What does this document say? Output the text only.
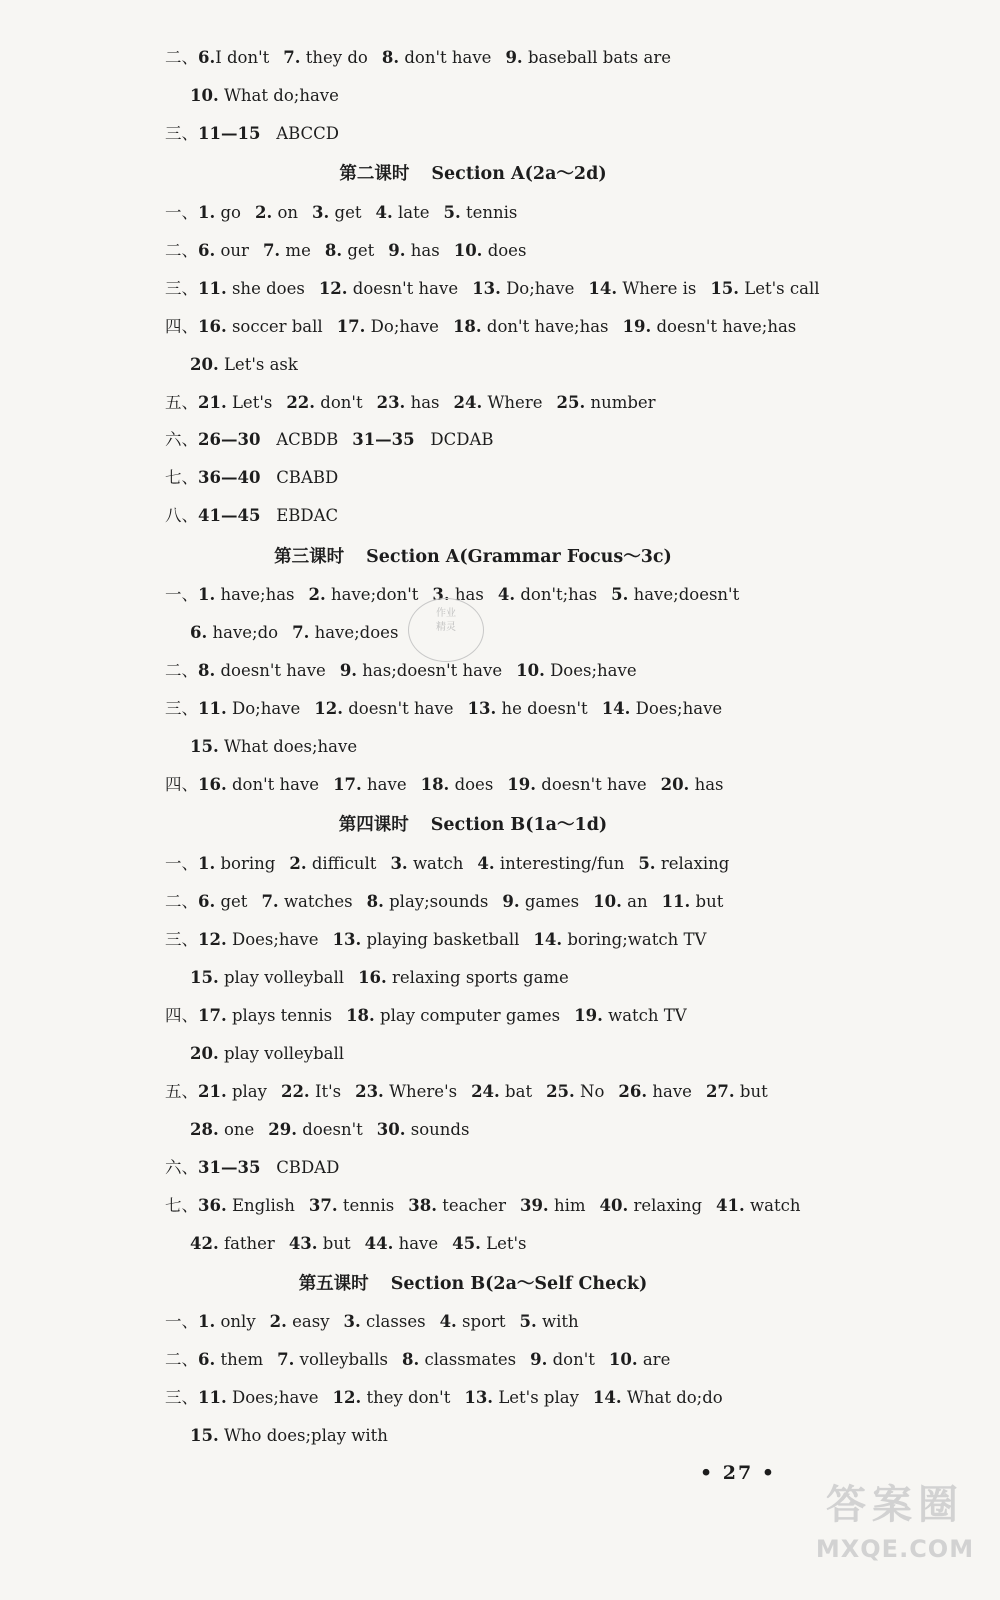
二、6.I don't 7. they do 8. don't have 9. baseball bats are
10. What do;have
三、11—15 ABCCD
第二课时 Section A(2a～2d)
一、1. go 2. on 3. get 4. late 5. tennis
二、6. our 7. me 8. get 9. has 10. does
三、11. she does 12. doesn't have 13. Do;have 14. Where is 15. Let's call
四、16. soccer ball 17. Do;have 18. don't have;has 19. doesn't have;has
20. Let's ask
五、21. Let's 22. don't 23. has 24. Where 25. number
六、26—30 ACBDB 31—35 DCDAB
七、36—40 CBABD
八、41—45 EBDAC
第三课时 Section A(Grammar Focus～3c)
一、1. have;has 2. have;don't 3. has 4. don't;has 5. have;doesn't
6. have;do 7. have;does
二、8. doesn't have 9. has;doesn't have 10. Does;have
三、11. Do;have 12. doesn't have 13. he doesn't 14. Does;have
15. What does;have
四、16. don't have 17. have 18. does 19. doesn't have 20. has
第四课时 Section B(1a～1d)
一、1. boring 2. difficult 3. watch 4. interesting/fun 5. relaxing
二、6. get 7. watches 8. play;sounds 9. games 10. an 11. but
三、12. Does;have 13. playing basketball 14. boring;watch TV
15. play volleyball 16. relaxing sports game
四、17. plays tennis 18. play computer games 19. watch TV
20. play volleyball
五、21. play 22. It's 23. Where's 24. bat 25. No 26. have 27. but
28. one 29. doesn't 30. sounds
六、31—35 CBDAD
七、36. English 37. tennis 38. teacher 39. him 40. relaxing 41. watch
42. father 43. but 44. have 45. Let's
第五课时 Section B(2a～Self Check)
一、1. only 2. easy 3. classes 4. sport 5. with
二、6. them 7. volleyballs 8. classmates 9. don't 10. are
三、11. Does;have 12. they don't 13. Let's play 14. What do;do
15. Who does;play with
• 27 •
作业
精灵
答案圈
MXQE.COM
